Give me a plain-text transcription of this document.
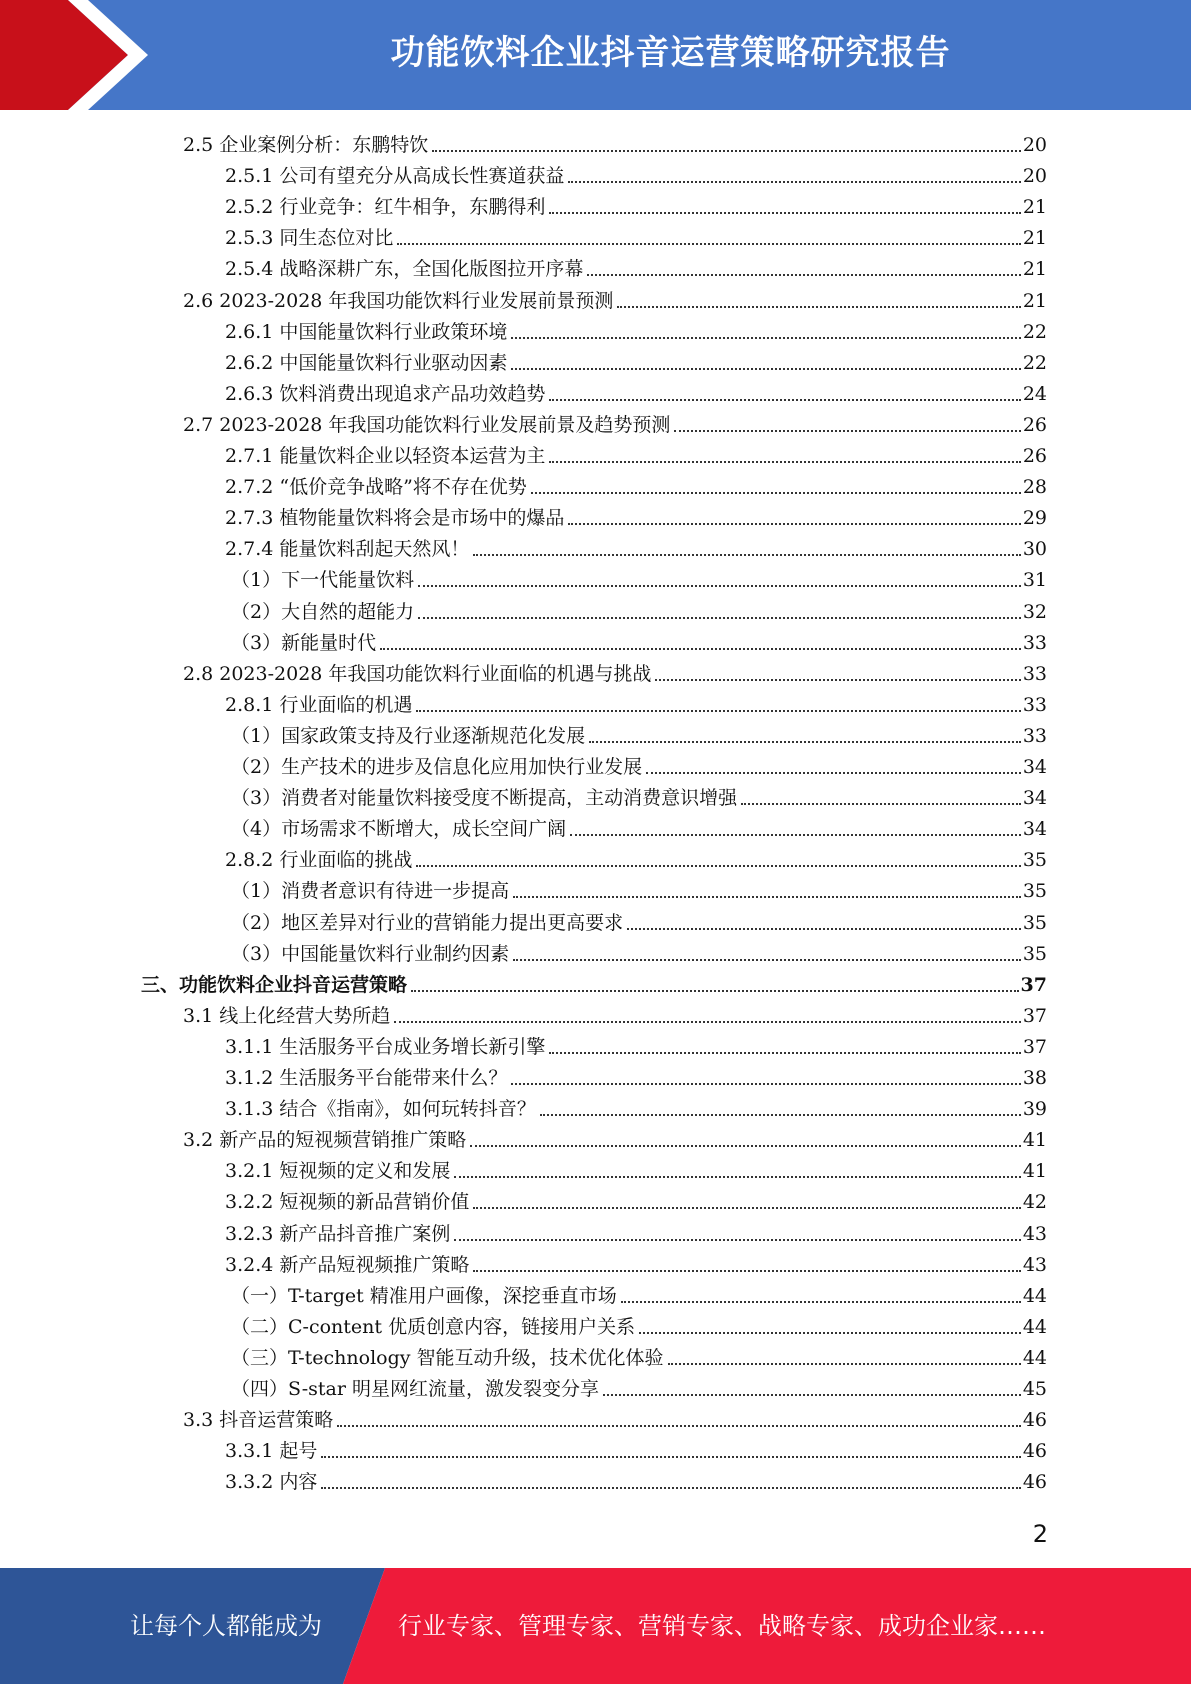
功能饮料企业抖音运营策略研究报告
2.5 企业案例分析：东鹏特饮	20
2.5.1 公司有望充分从高成长性赛道获益	20
2.5.2 行业竞争：红牛相争，东鹏得利	21
2.5.3 同生态位对比	21
2.5.4 战略深耕广东，全国化版图拉开序幕	21
2.6 2023-2028 年我国功能饮料行业发展前景预测	21
2.6.1 中国能量饮料行业政策环境	22
2.6.2 中国能量饮料行业驱动因素	22
2.6.3 饮料消费出现追求产品功效趋势	24
2.7 2023-2028 年我国功能饮料行业发展前景及趋势预测	26
2.7.1 能量饮料企业以轻资本运营为主	26
2.7.2 “低价竞争战略”将不存在优势	28
2.7.3 植物能量饮料将会是市场中的爆品	29
2.7.4 能量饮料刮起天然风！	30
（1）下一代能量饮料	31
（2）大自然的超能力	32
（3）新能量时代	33
2.8 2023-2028 年我国功能饮料行业面临的机遇与挑战	33
2.8.1 行业面临的机遇	33
（1）国家政策支持及行业逐渐规范化发展	33
（2）生产技术的进步及信息化应用加快行业发展	34
（3）消费者对能量饮料接受度不断提高，主动消费意识增强	34
（4）市场需求不断增大，成长空间广阔	34
2.8.2 行业面临的挑战	35
（1）消费者意识有待进一步提高	35
（2）地区差异对行业的营销能力提出更高要求	35
（3）中国能量饮料行业制约因素	35
三、功能饮料企业抖音运营策略	37
3.1 线上化经营大势所趋	37
3.1.1 生活服务平台成业务增长新引擎	37
3.1.2 生活服务平台能带来什么？	38
3.1.3 结合《指南》，如何玩转抖音？	39
3.2 新产品的短视频营销推广策略	41
3.2.1 短视频的定义和发展	41
3.2.2 短视频的新品营销价值	42
3.2.3 新产品抖音推广案例	43
3.2.4 新产品短视频推广策略	43
（一）T-target 精准用户画像，深挖垂直市场	44
（二）C-content 优质创意内容，链接用户关系	44
（三）T-technology 智能互动升级，技术优化体验	44
（四）S-star 明星网红流量，激发裂变分享	45
3.3 抖音运营策略	46
3.3.1 起号	46
3.3.2 内容	46
2
让每个人都能成为	行业专家、管理专家、营销专家、战略专家、成功企业家……
